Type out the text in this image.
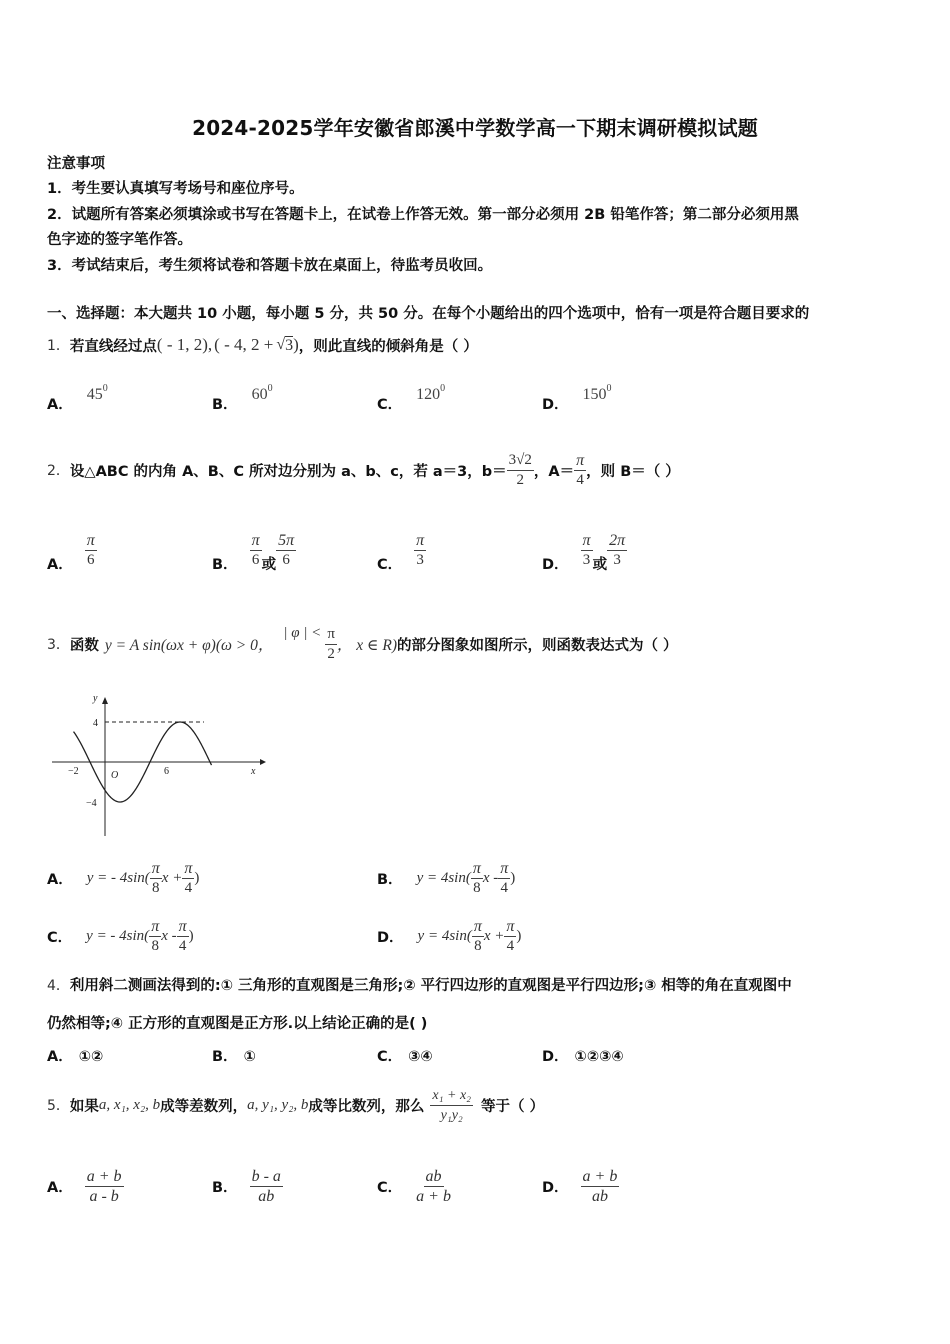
2024-2025学年安徽省郎溪中学数学高一下期末调研模拟试题
注意事项
1．考生要认真填写考场号和座位序号。
2．试题所有答案必须填涂或书写在答题卡上，在试卷上作答无效。第一部分必须用 2B 铅笔作答；第二部分必须用黑
色字迹的签字笔作答。
3．考试结束后，考生须将试卷和答题卡放在桌面上，待监考员收回。
一、选择题：本大题共 10 小题，每小题 5 分，共 50 分。在每个小题给出的四个选项中，恰有一项是符合题目要求的
1． 若直线经过点 ( - 1, 2), ( - 4, 2 + √ 3 ) ，则此直线的倾斜角是（ ）
A．
45 0
B．
60 0
C．
120 0
D．
150 0
2． 设△ABC 的内角 A、B、C 所对边分别为 a、b、c，若 a＝3，$b= \frac{3√2}{2}$ ，$A= \frac{\pi}{4}$ ，则 B＝（ ）
A． $\frac{\pi}{6}$	B． $\frac{\pi}{6}$ 或 $\frac{5\pi}{6}$	C． $\frac{\pi}{3}$	D． $\frac{\pi}{3}$ 或 $\frac{2\pi}{3}$
3． 函数 y = A sin(ωx + φ)(ω > 0，
| φ | < $\frac{\pi}{2}$ ， x ∈ R) 的部分图象如图所示，则函数表达式为（ ）
y
x
O
4
−4
−2	6
A． y = - $4\sin( \frac{\pi}{8}$ $x + \frac{\pi}{4}$ )	B． $y = 4\sin( \frac{\pi}{8}$ x - $\frac{\pi}{4}$ )
C． y = - $4\sin( \frac{\pi}{8}$ x - $\frac{\pi}{4}$ )	D． $y = 4\sin( \frac{\pi}{8}$ $x + \frac{\pi}{4}$ )
4． 利用斜二测画法得到的:① 三角形的直观图是三角形;② 平行四边形的直观图是平行四边形;③ 相等的角在直观图中
仍然相等;④ 正方形的直观图是正方形.以上结论正确的是( )
A． ①②	B． ①	C． ③④	D． ①②③④
5． 如果 a, x₁, x₂, b 成等差数列， a, y₁, y₂, b 成等比数列，那么 $\frac{\text{x₁ + x₂}}{\text{y₁y₂}}$ 等于（ ）
A． $\frac{a + b}{a - b}$	B． $\frac{b - a}{ab}$	C． $\frac{ab}{a + b}$	D． $\frac{a + b}{ab}$
